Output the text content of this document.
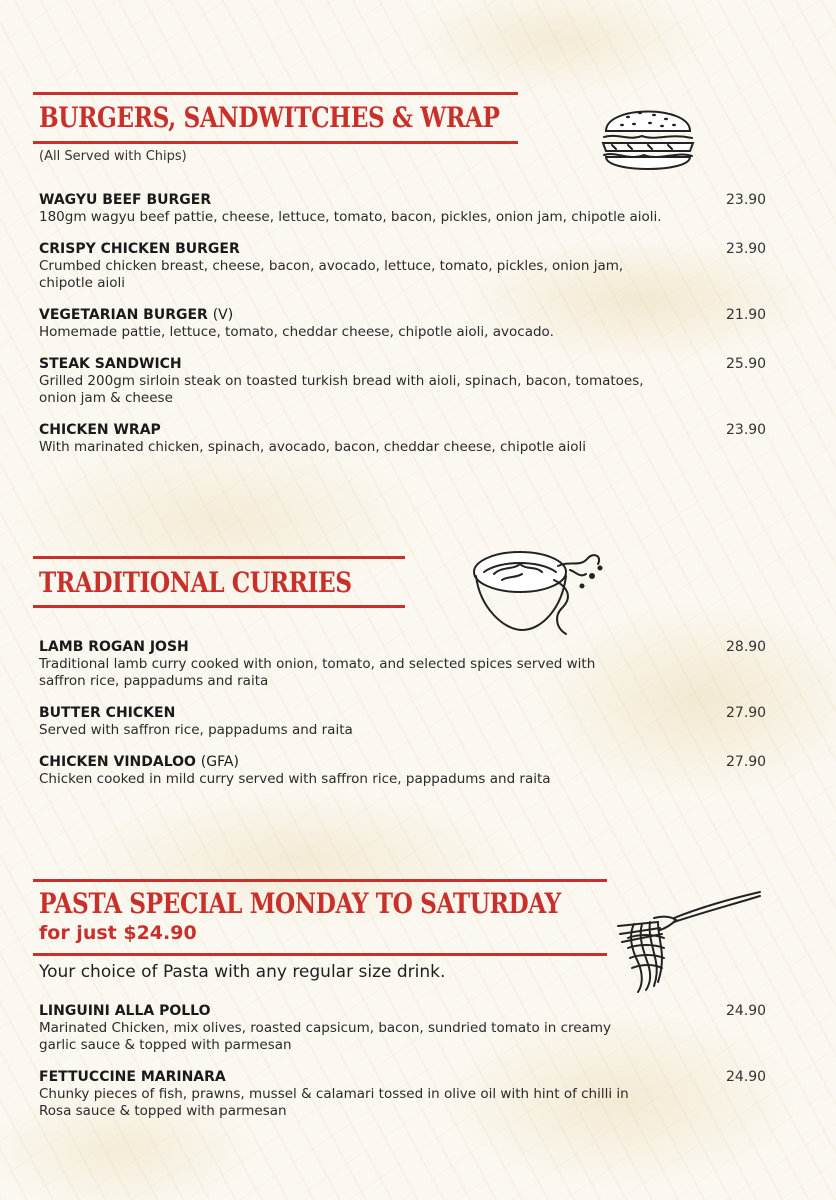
BURGERS, SANDWITCHES & WRAP
(All Served with Chips)
WAGYU BEEF BURGER
180gm wagyu beef pattie, cheese, lettuce, tomato, bacon, pickles, onion jam, chipotle aioli.
23.90
CRISPY CHICKEN BURGER
Crumbed chicken breast, cheese, bacon, avocado, lettuce, tomato, pickles, onion jam, chipotle aioli
23.90
VEGETARIAN BURGER (V)
Homemade pattie, lettuce, tomato, cheddar cheese, chipotle aioli, avocado.
21.90
STEAK SANDWICH
Grilled 200gm sirloin steak on toasted turkish bread with aioli, spinach, bacon, tomatoes, onion jam & cheese
25.90
CHICKEN WRAP
With marinated chicken, spinach, avocado, bacon, cheddar cheese, chipotle aioli
23.90
TRADITIONAL CURRIES
LAMB ROGAN JOSH
Traditional lamb curry cooked with onion, tomato, and selected spices served with saffron rice, pappadums and raita
28.90
BUTTER CHICKEN
Served with saffron rice, pappadums and raita
27.90
CHICKEN VINDALOO (GFA)
Chicken cooked in mild curry served with saffron rice, pappadums and raita
27.90
PASTA SPECIAL MONDAY TO SATURDAY
for just $24.90
Your choice of Pasta with any regular size drink.
LINGUINI ALLA POLLO
Marinated Chicken, mix olives, roasted capsicum, bacon, sundried tomato in creamy garlic sauce & topped with parmesan
24.90
FETTUCCINE MARINARA
Chunky pieces of fish, prawns, mussel & calamari tossed in olive oil with hint of chilli in Rosa sauce & topped with parmesan
24.90
